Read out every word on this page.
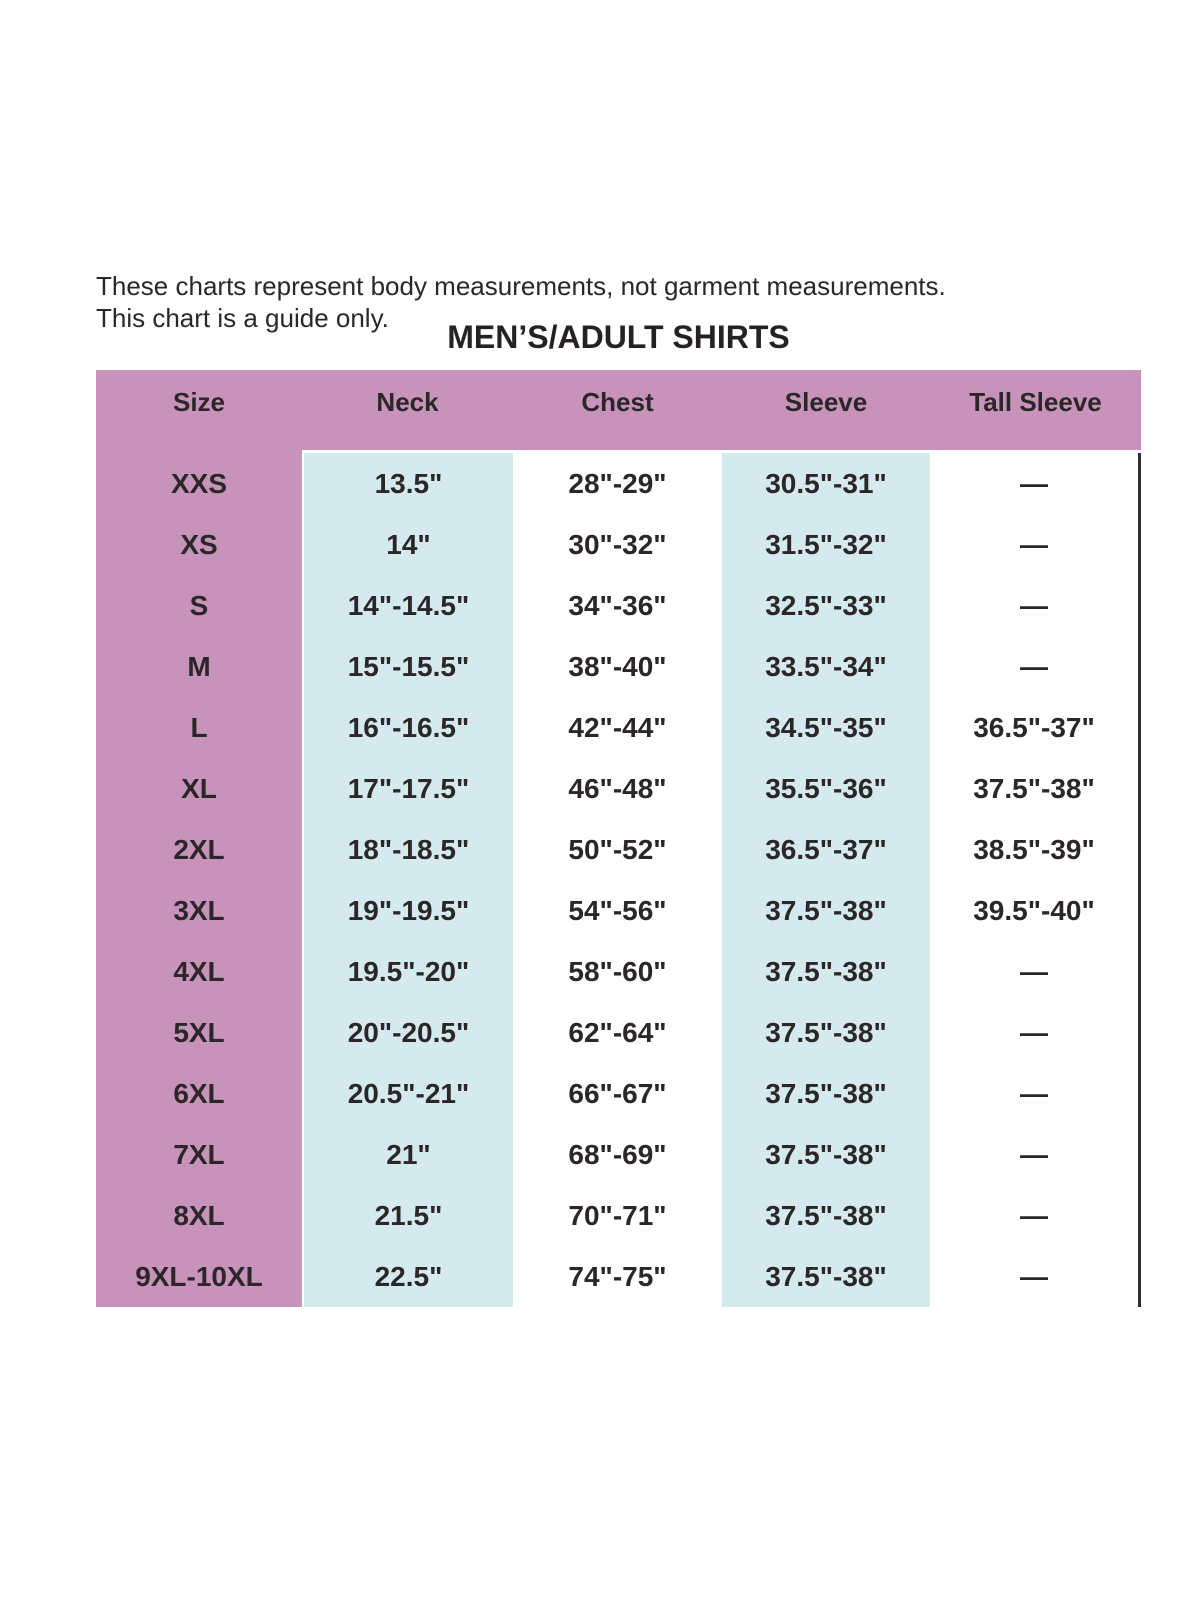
These charts represent body measurements, not garment measurements.
This chart is a guide only.
MEN’S/ADULT SHIRTS
Size	Neck	Chest	Sleeve	Tall Sleeve
XXS	13.5"	28"-29"	30.5"-31"	—
XS	14"	30"-32"	31.5"-32"	—
S	14"-14.5"	34"-36"	32.5"-33"	—
M	15"-15.5"	38"-40"	33.5"-34"	—
L	16"-16.5"	42"-44"	34.5"-35"	36.5"-37"
XL	17"-17.5"	46"-48"	35.5"-36"	37.5"-38"
2XL	18"-18.5"	50"-52"	36.5"-37"	38.5"-39"
3XL	19"-19.5"	54"-56"	37.5"-38"	39.5"-40"
4XL	19.5"-20"	58"-60"	37.5"-38"	—
5XL	20"-20.5"	62"-64"	37.5"-38"	—
6XL	20.5"-21"	66"-67"	37.5"-38"	—
7XL	21"	68"-69"	37.5"-38"	—
8XL	21.5"	70"-71"	37.5"-38"	—
9XL-10XL	22.5"	74"-75"	37.5"-38"	—
